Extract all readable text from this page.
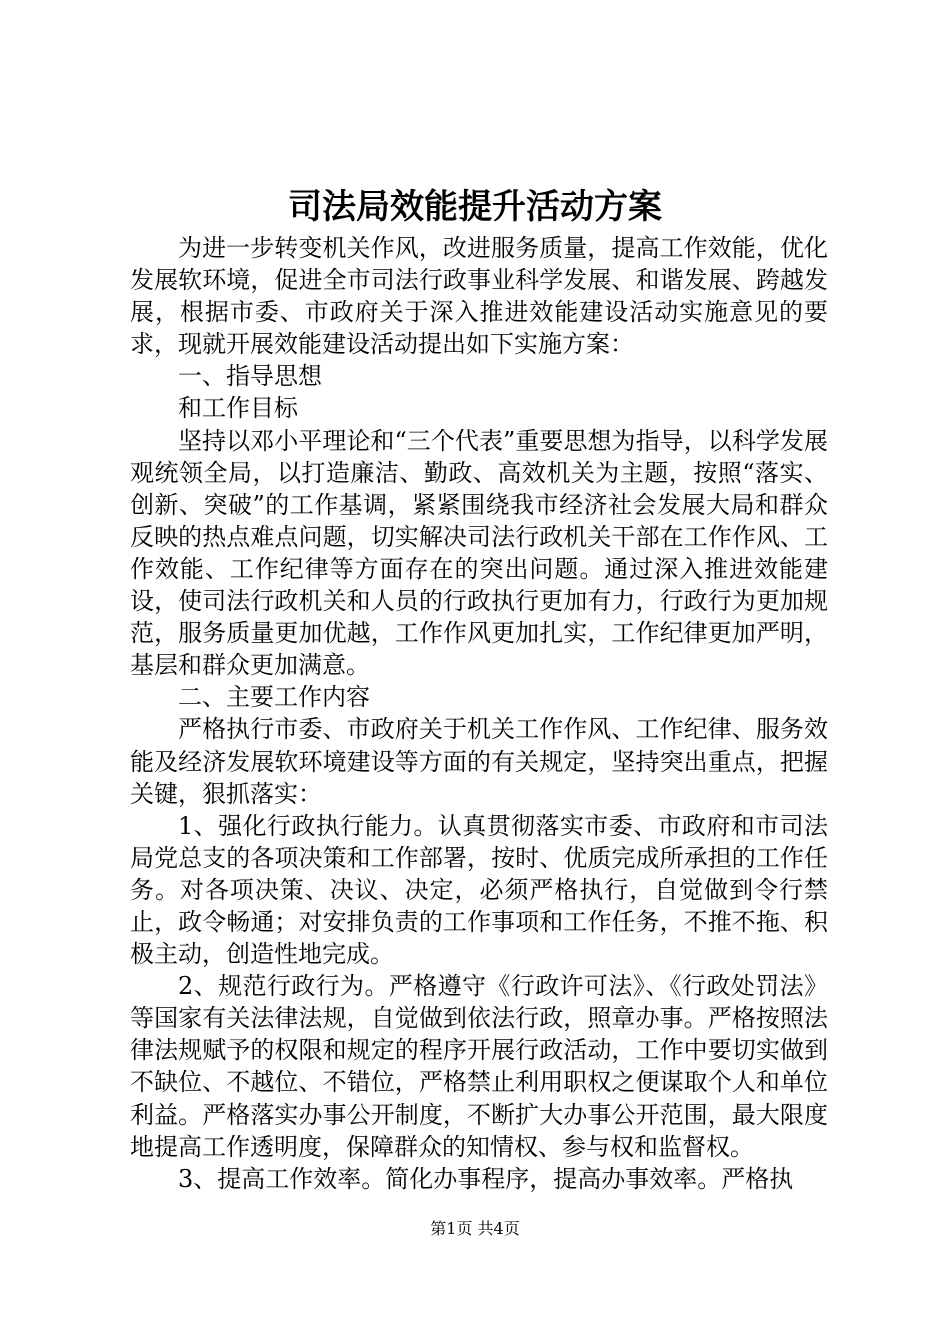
司法局效能提升活动方案

为进一步转变机关作风，改进服务质量，提高工作效能，优化发展软环境，促进全市司法行政事业科学发展、和谐发展、跨越发展，根据市委、市政府关于深入推进效能建设活动实施意见的要求，现就开展效能建设活动提出如下实施方案：

一、指导思想

和工作目标

坚持以邓小平理论和“三个代表”重要思想为指导，以科学发展观统领全局，以打造廉洁、勤政、高效机关为主题，按照“落实、创新、突破”的工作基调，紧紧围绕我市经济社会发展大局和群众反映的热点难点问题，切实解决司法行政机关干部在工作作风、工作效能、工作纪律等方面存在的突出问题。通过深入推进效能建设，使司法行政机关和人员的行政执行更加有力，行政行为更加规范，服务质量更加优越，工作作风更加扎实，工作纪律更加严明，基层和群众更加满意。

二、主要工作内容

严格执行市委、市政府关于机关工作作风、工作纪律、服务效能及经济发展软环境建设等方面的有关规定，坚持突出重点，把握关键，狠抓落实：

1、强化行政执行能力。认真贯彻落实市委、市政府和市司法局党总支的各项决策和工作部署，按时、优质完成所承担的工作任务。对各项决策、决议、决定，必须严格执行，自觉做到令行禁止，政令畅通；对安排负责的工作事项和工作任务，不推不拖、积极主动，创造性地完成。

2、规范行政行为。严格遵守《行政许可法》、《行政处罚法》等国家有关法律法规，自觉做到依法行政，照章办事。严格按照法律法规赋予的权限和规定的程序开展行政活动，工作中要切实做到不缺位、不越位、不错位，严格禁止利用职权之便谋取个人和单位利益。严格落实办事公开制度，不断扩大办事公开范围，最大限度地提高工作透明度，保障群众的知情权、参与权和监督权。

3、提高工作效率。简化办事程序，提高办事效率。严格执

第1页 共4页
